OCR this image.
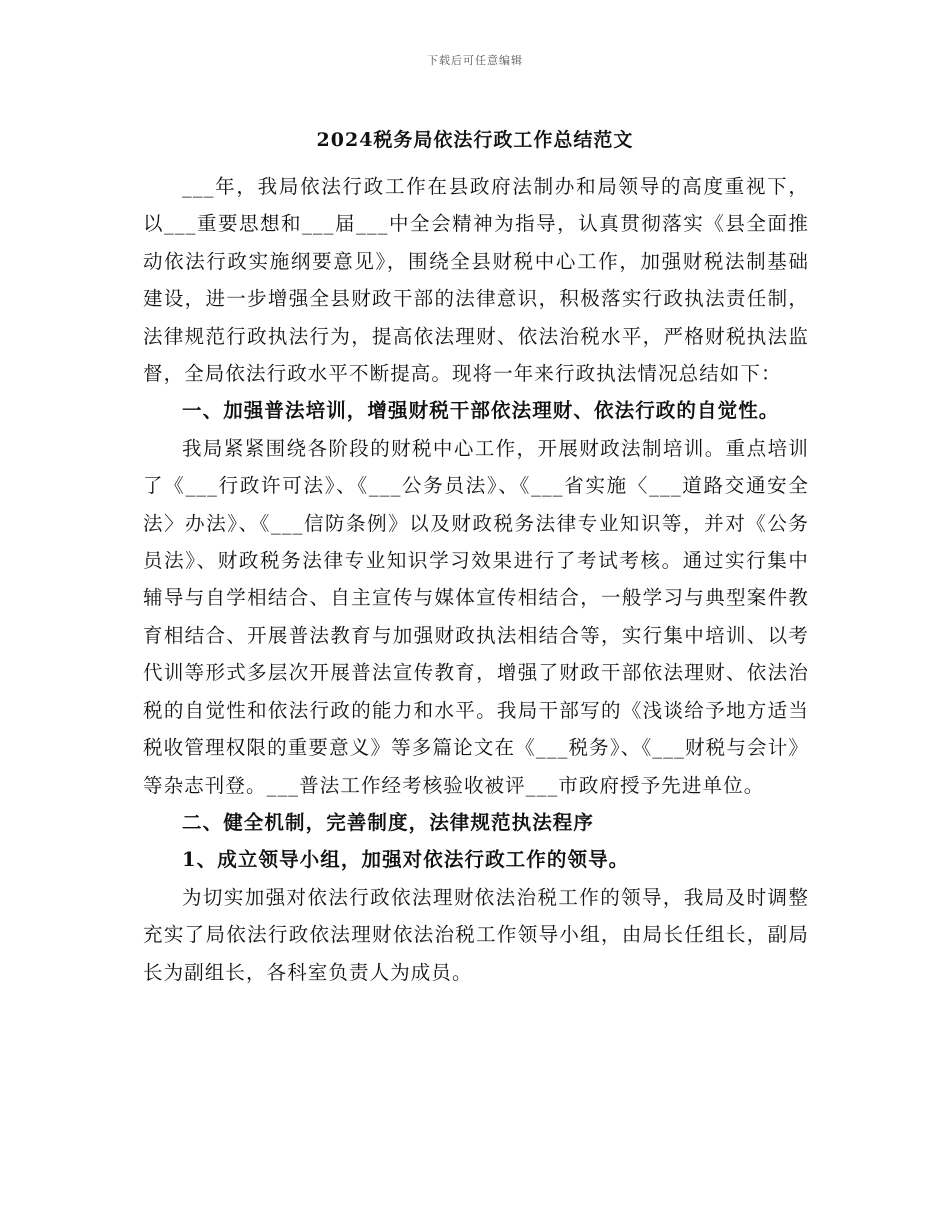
下载后可任意编辑
2024税务局依法行政工作总结范文

___年，我局依法行政工作在县政府法制办和局领导的高度重视下，以___重要思想和___届___中全会精神为指导，认真贯彻落实《县全面推动依法行政实施纲要意见》，围绕全县财税中心工作，加强财税法制基础建设，进一步增强全县财政干部的法律意识，积极落实行政执法责任制，法律规范行政执法行为，提高依法理财、依法治税水平，严格财税执法监督，全局依法行政水平不断提高。现将一年来行政执法情况总结如下：

一、加强普法培训，增强财税干部依法理财、依法行政的自觉性。

我局紧紧围绕各阶段的财税中心工作，开展财政法制培训。重点培训了《___行政许可法》、《___公务员法》、《___省实施〈___道路交通安全法〉办法》、《___信防条例》以及财政税务法律专业知识等，并对《公务员法》、财政税务法律专业知识学习效果进行了考试考核。通过实行集中辅导与自学相结合、自主宣传与媒体宣传相结合，一般学习与典型案件教育相结合、开展普法教育与加强财政执法相结合等，实行集中培训、以考代训等形式多层次开展普法宣传教育，增强了财政干部依法理财、依法治税的自觉性和依法行政的能力和水平。我局干部写的《浅谈给予地方适当税收管理权限的重要意义》等多篇论文在《___税务》、《___财税与会计》等杂志刊登。___普法工作经考核验收被评___市政府授予先进单位。

二、健全机制，完善制度，法律规范执法程序

1、成立领导小组，加强对依法行政工作的领导。

为切实加强对依法行政依法理财依法治税工作的领导，我局及时调整充实了局依法行政依法理财依法治税工作领导小组，由局长任组长，副局长为副组长，各科室负责人为成员。
